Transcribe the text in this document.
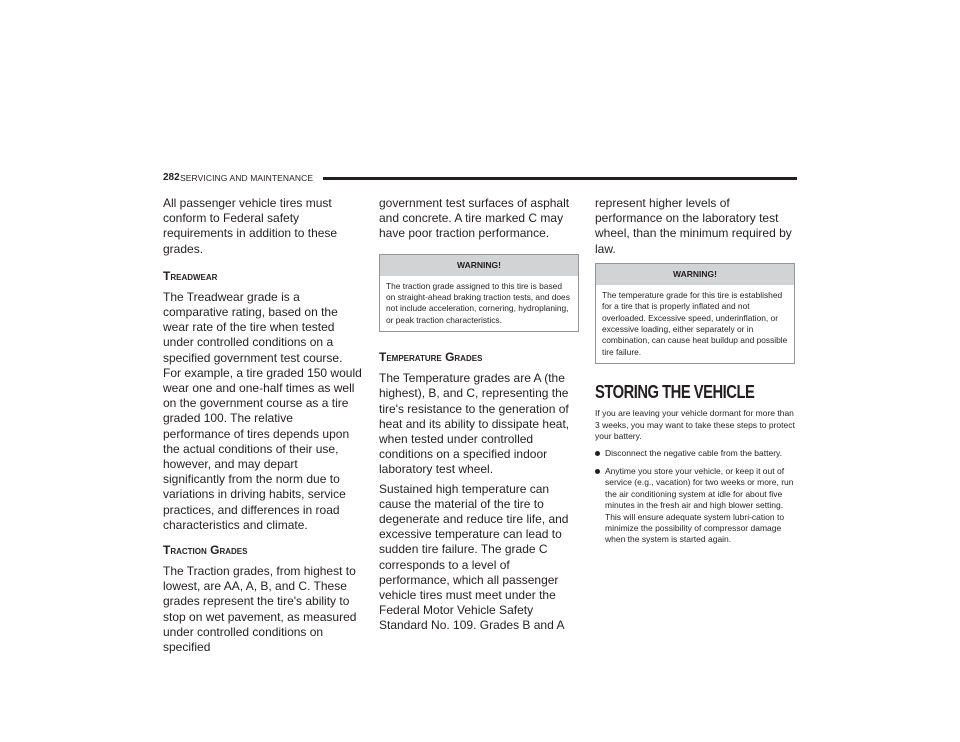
282 SERVICING AND MAINTENANCE

All passenger vehicle tires must conform to Federal safety requirements in addition to these grades.

Treadwear

The Treadwear grade is a comparative rating, based on the wear rate of the tire when tested under controlled conditions on a specified government test course. For example, a tire graded 150 would wear one and one-half times as well on the government course as a tire graded 100. The relative performance of tires depends upon the actual conditions of their use, however, and may depart significantly from the norm due to variations in driving habits, service practices, and differences in road characteristics and climate.

Traction Grades

The Traction grades, from highest to lowest, are AA, A, B, and C. These grades represent the tire's ability to stop on wet pavement, as measured under controlled conditions on specified

government test surfaces of asphalt and concrete. A tire marked C may have poor traction performance.

WARNING!
The traction grade assigned to this tire is based on straight-ahead braking traction tests, and does not include acceleration, cornering, hydroplaning, or peak traction characteristics.
Temperature Grades

The Temperature grades are A (the highest), B, and C, representing the tire's resistance to the generation of heat and its ability to dissipate heat, when tested under controlled conditions on a specified indoor laboratory test wheel.

Sustained high temperature can cause the material of the tire to degenerate and reduce tire life, and excessive temperature can lead to sudden tire failure. The grade C corresponds to a level of performance, which all passenger vehicle tires must meet under the Federal Motor Vehicle Safety Standard No. 109. Grades B and A

represent higher levels of performance on the laboratory test wheel, than the minimum required by law.

WARNING!
The temperature grade for this tire is established for a tire that is properly inflated and not overloaded. Excessive speed, underinflation, or excessive loading, either separately or in combination, can cause heat buildup and possible tire failure.
STORING THE VEHICLE

If you are leaving your vehicle dormant for more than 3 weeks, you may want to take these steps to protect your battery.

Disconnect the negative cable from the battery.
Anytime you store your vehicle, or keep it out of service (e.g., vacation) for two weeks or more, run the air conditioning system at idle for about five minutes in the fresh air and high blower setting. This will ensure adequate system lubri-cation to minimize the possibility of compressor damage when the system is started again.
